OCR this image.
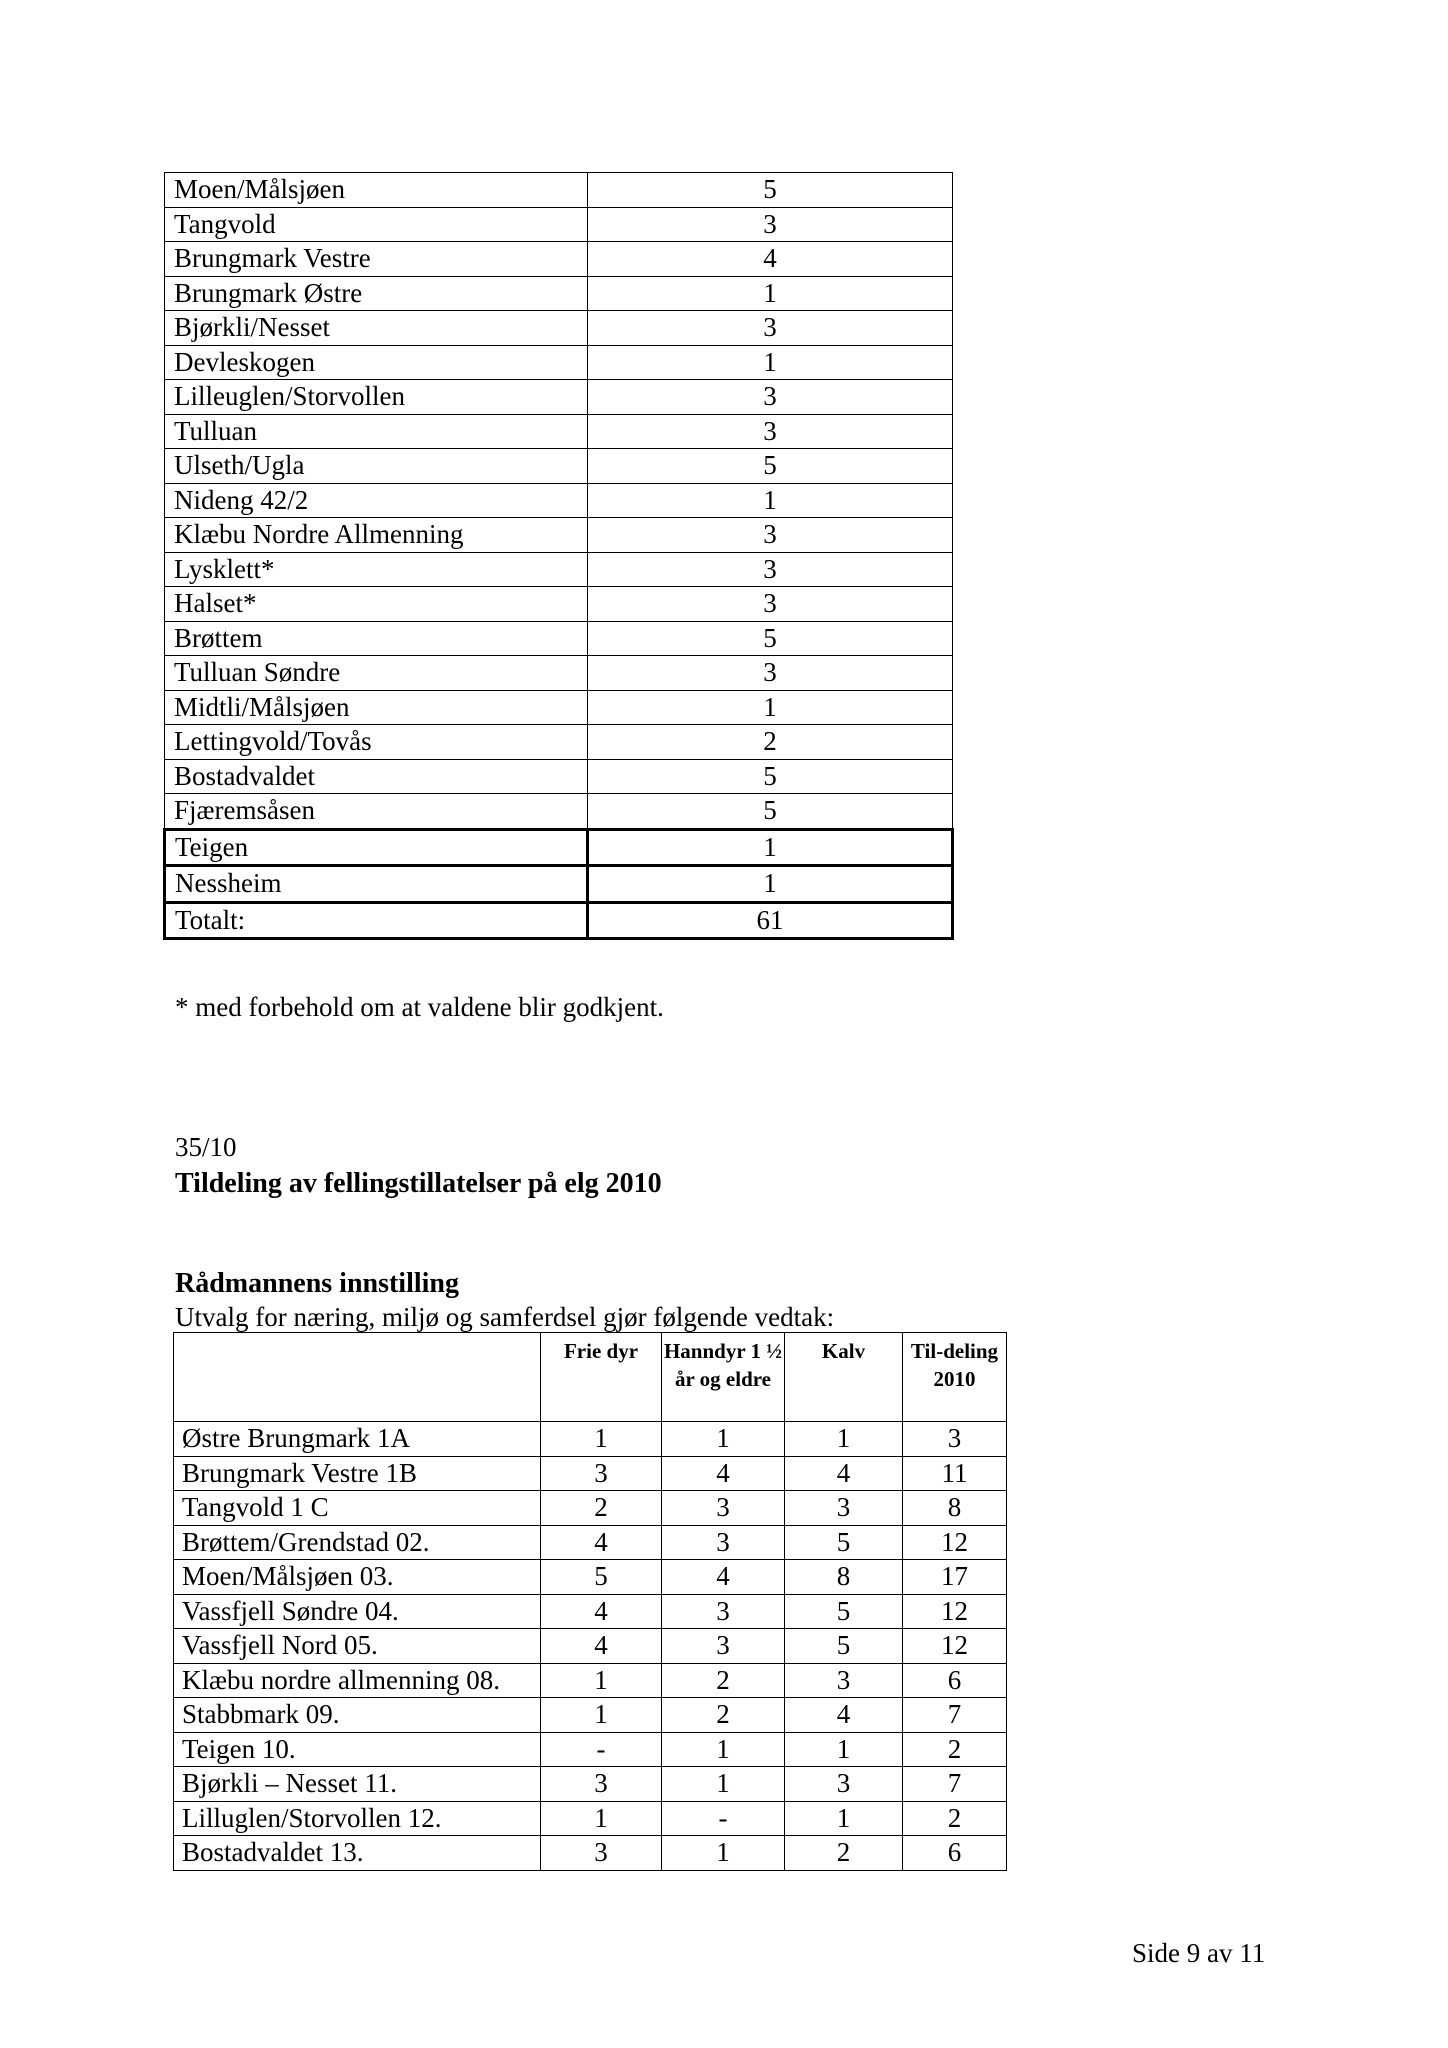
Moen/Målsjøen	5
Tangvold	3
Brungmark Vestre	4
Brungmark Østre	1
Bjørkli/Nesset	3
Devleskogen	1
Lilleuglen/Storvollen	3
Tulluan	3
Ulseth/Ugla	5
Nideng 42/2	1
Klæbu Nordre Allmenning	3
Lysklett*	3
Halset*	3
Brøttem	5
Tulluan Søndre	3
Midtli/Målsjøen	1
Lettingvold/Tovås	2
Bostadvaldet	5
Fjæremsåsen	5
Teigen	1
Nessheim	1
Totalt:	61
* med forbehold om at valdene blir godkjent.
35/10
Tildeling av fellingstillatelser på elg 2010
Rådmannens innstilling
Utvalg for næring, miljø og samferdsel gjør følgende vedtak:
	Frie dyr	Hanndyr 1 ½ år og eldre	Kalv	Til-deling 2010
Østre Brungmark 1A	1	1	1	3
Brungmark Vestre 1B	3	4	4	11
Tangvold 1 C	2	3	3	8
Brøttem/Grendstad 02.	4	3	5	12
Moen/Målsjøen 03.	5	4	8	17
Vassfjell Søndre 04.	4	3	5	12
Vassfjell Nord 05.	4	3	5	12
Klæbu nordre allmenning 08.	1	2	3	6
Stabbmark 09.	1	2	4	7
Teigen 10.	-	1	1	2
Bjørkli – Nesset 11.	3	1	3	7
Lilluglen/Storvollen 12.	1	-	1	2
Bostadvaldet 13.	3	1	2	6
Side 9 av 11
